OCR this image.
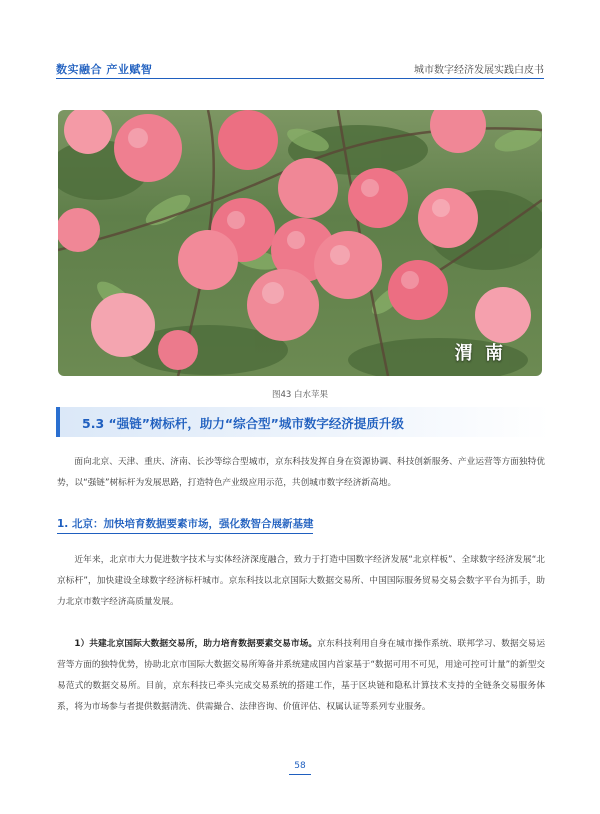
数实融合 产业赋智	城市数字经济发展实践白皮书
渭 南
图43 白水苹果
5.3 “强链”树标杆，助力“综合型”城市数字经济提质升级

面向北京、天津、重庆、济南、长沙等综合型城市，京东科技发挥自身在资源协调、科技创新服务、产业运营等方面独特优势，以“强链”树标杆为发展思路，打造特色产业级应用示范，共创城市数字经济新高地。

1. 北京：加快培育数据要素市场，强化数智合展新基建

近年来，北京市大力促进数字技术与实体经济深度融合，致力于打造中国数字经济发展“北京样板”、全球数字经济发展“北京标杆”，加快建设全球数字经济标杆城市。京东科技以北京国际大数据交易所、中国国际服务贸易交易会数字平台为抓手，助力北京市数字经济高质量发展。

1）共建北京国际大数据交易所，助力培育数据要素交易市场。京东科技利用自身在城市操作系统、联邦学习、数据交易运营等方面的独特优势，协助北京市国际大数据交易所筹备并系统建成国内首家基于“数据可用不可见，用途可控可计量”的新型交易范式的数据交易所。目前，京东科技已牵头完成交易系统的搭建工作，基于区块链和隐私计算技术支持的全链条交易服务体系，将为市场参与者提供数据清洗、供需撮合、法律咨询、价值评估、权属认证等系列专业服务。

58
